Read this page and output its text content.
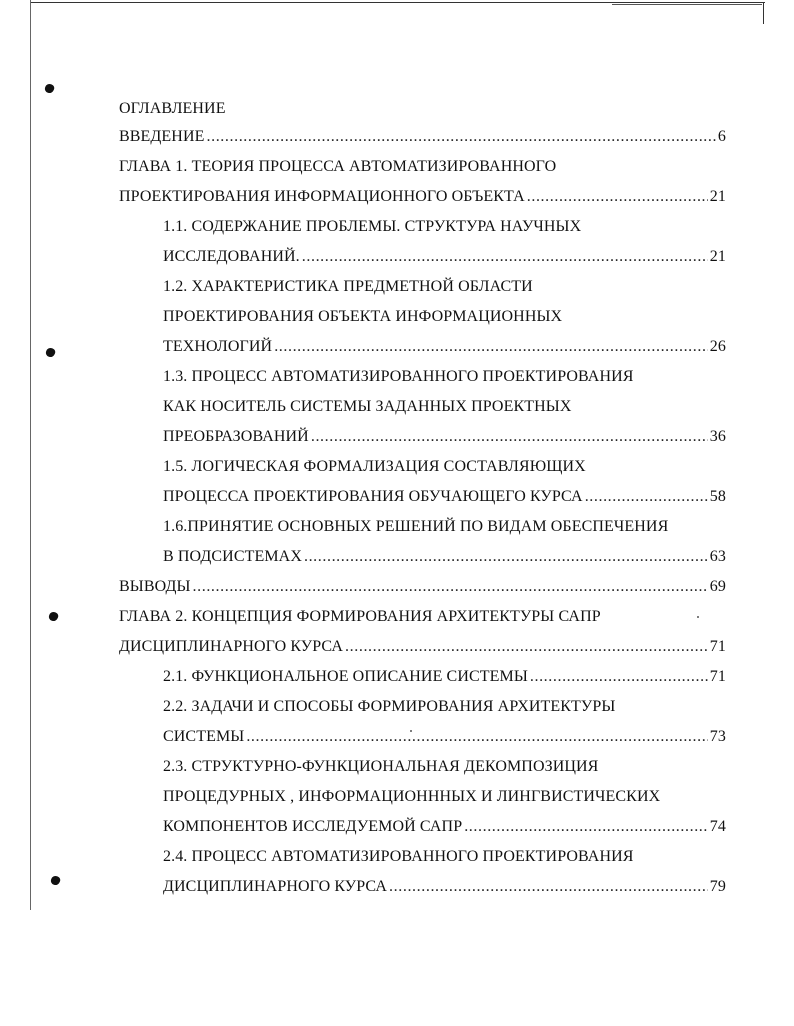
ОГЛАВЛЕНИЕ
ВВЕДЕНИЕ .....	6
ГЛАВА 1. ТЕОРИЯ ПРОЦЕССА АВТОМАТИЗИРОВАННОГО
ПРОЕКТИРОВАНИЯ ИНФОРМАЦИОННОГО ОБЪЕКТА .....	21
1.1. СОДЕРЖАНИЕ ПРОБЛЕМЫ. СТРУКТУРА НАУЧНЫХ
ИССЛЕДОВАНИЙ. .....	21
1.2. ХАРАКТЕРИСТИКА ПРЕДМЕТНОЙ ОБЛАСТИ
ПРОЕКТИРОВАНИЯ ОБЪЕКТА ИНФОРМАЦИОННЫХ
ТЕХНОЛОГИЙ .....	26
1.3. ПРОЦЕСС АВТОМАТИЗИРОВАННОГО ПРОЕКТИРОВАНИЯ
КАК НОСИТЕЛЬ СИСТЕМЫ ЗАДАННЫХ ПРОЕКТНЫХ
ПРЕОБРАЗОВАНИЙ .....	36
1.5. ЛОГИЧЕСКАЯ ФОРМАЛИЗАЦИЯ СОСТАВЛЯЮЩИХ
ПРОЦЕССА ПРОЕКТИРОВАНИЯ ОБУЧАЮЩЕГО КУРСА .....	58
1.6.ПРИНЯТИЕ ОСНОВНЫХ РЕШЕНИЙ ПО ВИДАМ ОБЕСПЕЧЕНИЯ
В ПОДСИСТЕМАХ .....	63
ВЫВОДЫ .....	69
ГЛАВА 2. КОНЦЕПЦИЯ ФОРМИРОВАНИЯ АРХИТЕКТУРЫ САПР
ДИСЦИПЛИНАРНОГО КУРСА .....	71
2.1. ФУНКЦИОНАЛЬНОЕ ОПИСАНИЕ СИСТЕМЫ .....	71
2.2. ЗАДАЧИ И СПОСОБЫ ФОРМИРОВАНИЯ АРХИТЕКТУРЫ
СИСТЕМЫ .....	73
2.3. СТРУКТУРНО-ФУНКЦИОНАЛЬНАЯ ДЕКОМПОЗИЦИЯ
ПРОЦЕДУРНЫХ , ИНФОРМАЦИОНННЫХ И ЛИНГВИСТИЧЕСКИХ
КОМПОНЕНТОВ ИССЛЕДУЕМОЙ САПР .....	74
2.4. ПРОЦЕСС АВТОМАТИЗИРОВАННОГО ПРОЕКТИРОВАНИЯ
ДИСЦИПЛИНАРНОГО КУРСА .....	79
